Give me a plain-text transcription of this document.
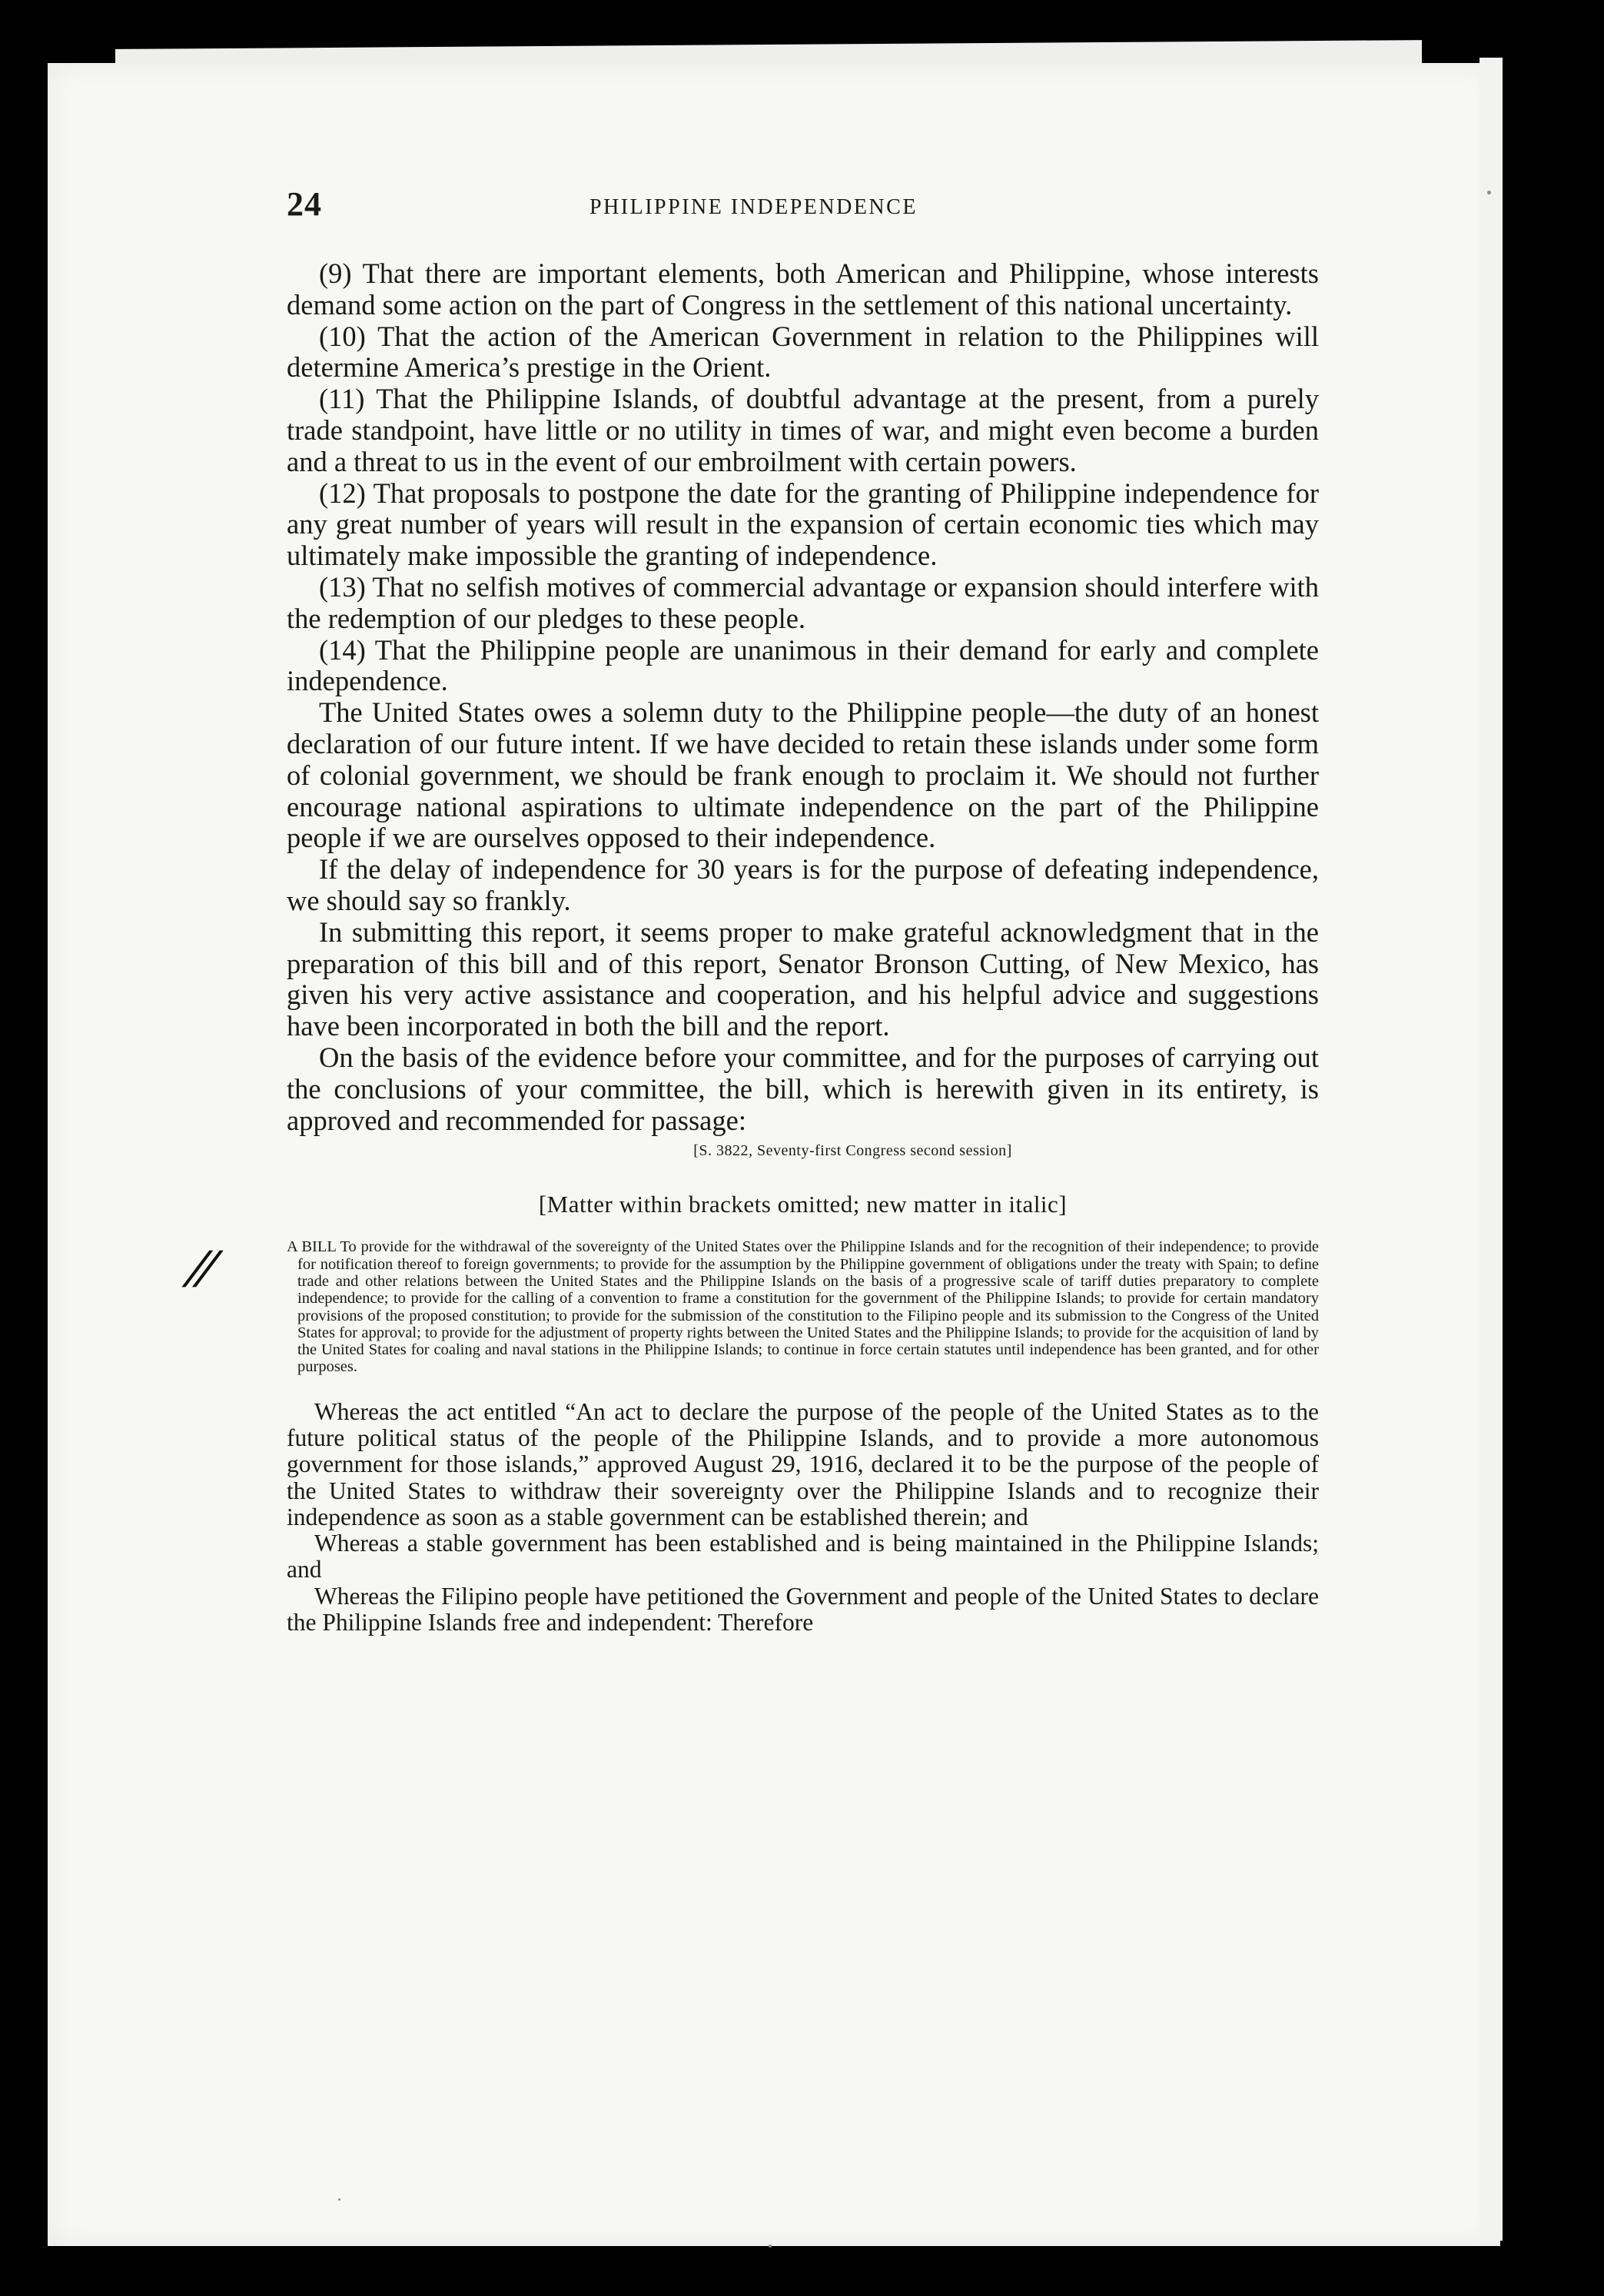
24	PHILIPPINE INDEPENDENCE

(9) That there are important elements, both American and Philippine, whose interests demand some action on the part of Congress in the settlement of this national uncertainty.

(10) That the action of the American Government in relation to the Philippines will determine America’s prestige in the Orient.

(11) That the Philippine Islands, of doubtful advantage at the present, from a purely trade standpoint, have little or no utility in times of war, and might even become a burden and a threat to us in the event of our embroilment with certain powers.

(12) That proposals to postpone the date for the granting of Philippine independence for any great number of years will result in the expansion of certain economic ties which may ultimately make impossible the granting of independence.

(13) That no selfish motives of commercial advantage or expansion should interfere with the redemption of our pledges to these people.

(14) That the Philippine people are unanimous in their demand for early and complete independence.

The United States owes a solemn duty to the Philippine people—the duty of an honest declaration of our future intent. If we have decided to retain these islands under some form of colonial government, we should be frank enough to proclaim it. We should not further encourage national aspirations to ultimate independence on the part of the Philippine people if we are ourselves opposed to their independence.

If the delay of independence for 30 years is for the purpose of defeating independence, we should say so frankly.

In submitting this report, it seems proper to make grateful acknowledgment that in the preparation of this bill and of this report, Senator Bronson Cutting, of New Mexico, has given his very active assistance and cooperation, and his helpful advice and suggestions have been incorporated in both the bill and the report.

On the basis of the evidence before your committee, and for the purposes of carrying out the conclusions of your committee, the bill, which is herewith given in its entirety, is approved and recommended for passage:

[S. 3822, Seventy-first Congress second session]
[Matter within brackets omitted; new matter in italic]
//	A BILL To provide for the withdrawal of the sovereignty of the United States over the Philippine Islands and for the recognition of their independence; to provide for notification thereof to foreign governments; to provide for the assumption by the Philippine government of obligations under the treaty with Spain; to define trade and other relations between the United States and the Philippine Islands on the basis of a progressive scale of tariff duties preparatory to complete independence; to provide for the calling of a convention to frame a constitution for the government of the Philippine Islands; to provide for certain mandatory provisions of the proposed constitution; to provide for the submission of the constitution to the Filipino people and its submission to the Congress of the United States for approval; to provide for the adjustment of property rights between the United States and the Philippine Islands; to provide for the acquisition of land by the United States for coaling and naval stations in the Philippine Islands; to continue in force certain statutes until independence has been granted, and for other purposes.

Whereas the act entitled “An act to declare the purpose of the people of the United States as to the future political status of the people of the Philippine Islands, and to provide a more autonomous government for those islands,” approved August 29, 1916, declared it to be the purpose of the people of the United States to withdraw their sovereignty over the Philippine Islands and to recognize their independence as soon as a stable government can be established therein; and

Whereas a stable government has been established and is being maintained in the Philippine Islands; and

Whereas the Filipino people have petitioned the Government and people of the United States to declare the Philippine Islands free and independent: Therefore
